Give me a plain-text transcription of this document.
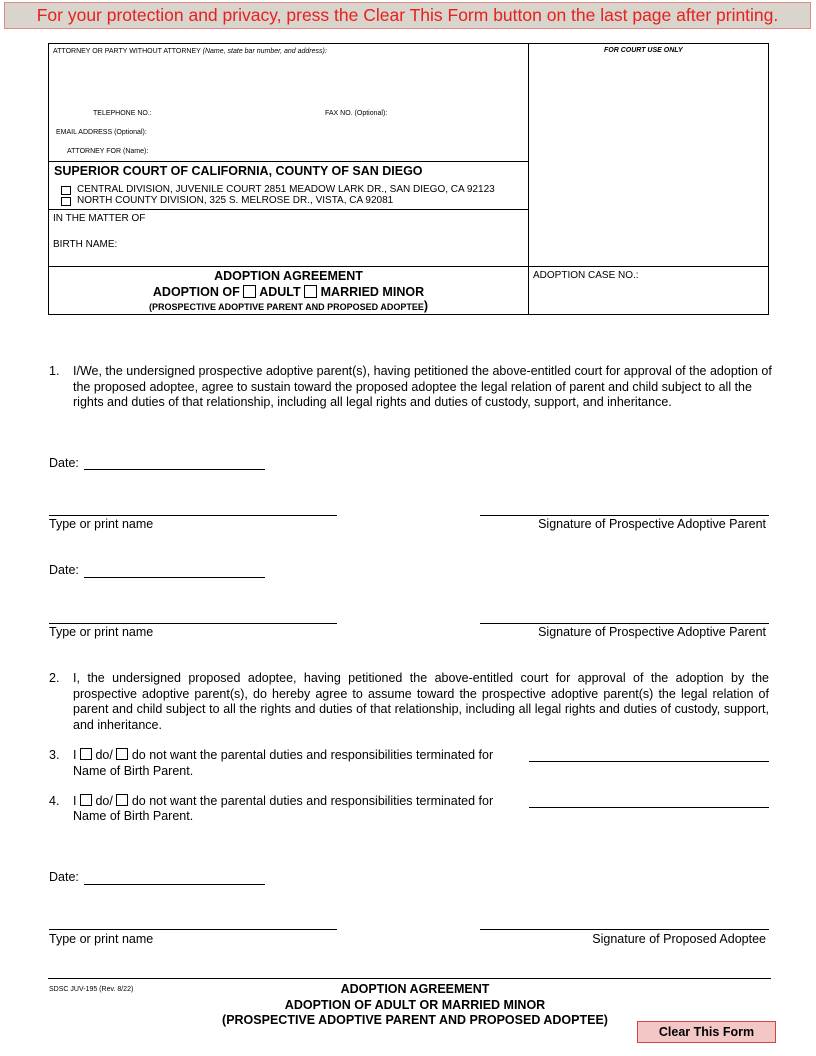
For your protection and privacy, press the Clear This Form button on the last page after printing.
ATTORNEY OR PARTY WITHOUT ATTORNEY (Name, state bar number, and address):
TELEPHONE NO.:	FAX NO. (Optional):
EMAIL ADDRESS (Optional):
ATTORNEY FOR (Name):
SUPERIOR COURT OF CALIFORNIA, COUNTY OF SAN DIEGO
CENTRAL DIVISION, JUVENILE COURT 2851 MEADOW LARK DR., SAN DIEGO, CA 92123
NORTH COUNTY DIVISION, 325 S. MELROSE DR., VISTA, CA 92081
IN THE MATTER OF
BIRTH NAME:
ADOPTION AGREEMENT
ADOPTION OF ADULT MARRIED MINOR
(PROSPECTIVE ADOPTIVE PARENT AND PROPOSED ADOPTEE)
FOR COURT USE ONLY
ADOPTION CASE NO.:
1. I/We, the undersigned prospective adoptive parent(s), having petitioned the above-entitled court for approval of the adoption of the proposed adoptee, agree to sustain toward the proposed adoptee the legal relation of parent and child subject to all the rights and duties of that relationship, including all legal rights and duties of custody, support, and inheritance.
Date:
Type or print name	Signature of Prospective Adoptive Parent
Date:
Type or print name	Signature of Prospective Adoptive Parent
2. I, the undersigned proposed adoptee, having petitioned the above-entitled court for approval of the adoption by the prospective adoptive parent(s), do hereby agree to assume toward the prospective adoptive parent(s) the legal relation of parent and child subject to all the rights and duties of that relationship, including all legal rights and duties of custody, support, and inheritance.
3. I do/ do not want the parental duties and responsibilities terminated for
Name of Birth Parent.
4. I do/ do not want the parental duties and responsibilities terminated for
Name of Birth Parent.
Date:
Type or print name	Signature of Proposed Adoptee
SDSC JUV-195 (Rev. 8/22)	ADOPTION AGREEMENT
ADOPTION OF ADULT OR MARRIED MINOR
(PROSPECTIVE ADOPTIVE PARENT AND PROPOSED ADOPTEE)
Clear This Form
